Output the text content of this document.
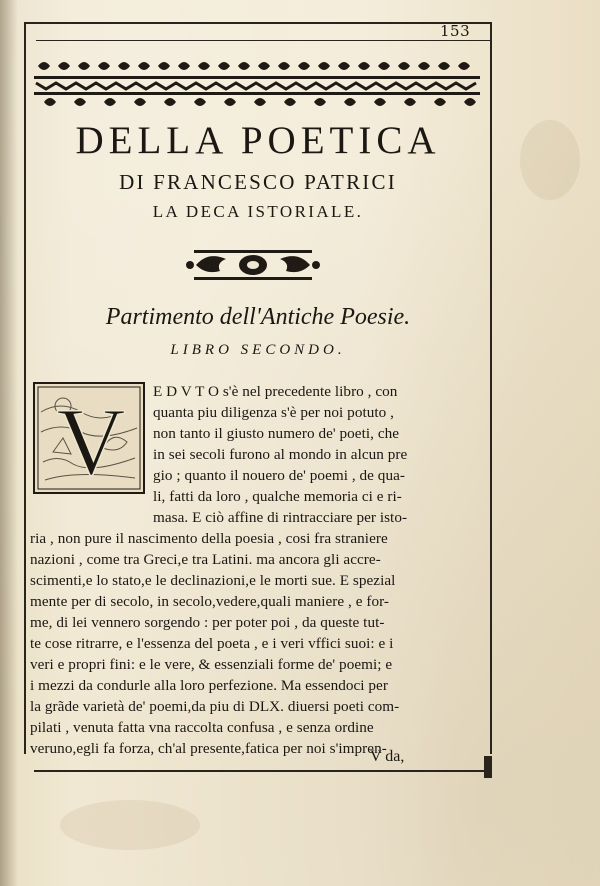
153
DELLA POETICA
DI FRANCESCO PATRICI
LA DECA ISTORIALE.
Partimento dell'Antiche Poesie.
LIBRO SECONDO.
V E D V T O s'è nel precedente libro , con
quanta piu diligenza s'è per noi potuto ,
non tanto il giusto numero de' poeti, che
in sei secoli furono al mondo in alcun pre
gio ; quanto il nouero de' poemi , de qua-
li, fatti da loro , qualche memoria ci e ri-
masa. E ciò affine di rintracciare per isto-
ria , non pure il nascimento della poesia , cosi fra straniere
nazioni , come tra Greci,e tra Latini. ma ancora gli accre-
scimenti,e lo stato,e le declinazioni,e le morti sue. E spezial
mente per di secolo, in secolo,vedere,quali maniere , e for-
me, di lei vennero sorgendo : per poter poi , da queste tut-
te cose ritrarre, e l'essenza del poeta , e i veri vffici suoi: e i
veri e propri fini: e le vere, & essenziali forme de' poemi; e
i mezzi da condurle alla loro perfezione. Ma essendoci per
la grãde varietà de' poemi,da piu di DLX. diuersi poeti com-
pilati , venuta fatta vna raccolta confusa , e senza ordine
veruno,egli fa forza, ch'al presente,fatica per noi s'impren-
V da,
